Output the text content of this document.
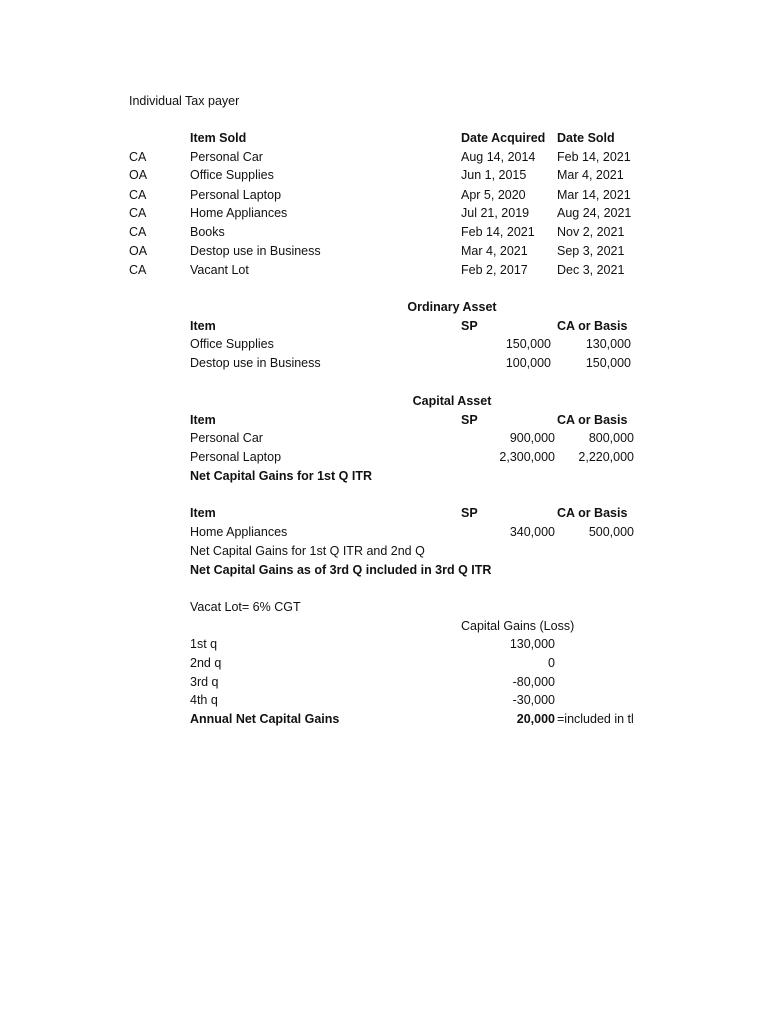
Individual Tax payer
Item Sold	Date Acquired Date Sold
CA	Personal Car	Aug 14, 2014 Feb 14, 2021
OA	Office Supplies	Jun 1, 2015 Mar 4, 2021
CA	Personal Laptop	Apr 5, 2020	Mar 14, 2021
CA	Home Appliances	Jul 21, 2019 Aug 24, 2021
CA	Books	Feb 14, 2021 Nov 2, 2021
OA	Destop use in Business	Mar 4, 2021 Sep 3, 2021
CA	Vacant Lot	Feb 2, 2017 Dec 3, 2021
Ordinary Asset
Item	SP	CA or Basis
Office Supplies	150,000	130,000
Destop use in Business	100,000	150,000
Capital Asset
Item	SP	CA or Basis
Personal Car	900,000	800,000
Personal Laptop	2,300,000	2,220,000
Net Capital Gains for 1st Q ITR
Item	SP	CA or Basis
Home Appliances	340,000	500,000
Net Capital Gains for 1st Q ITR and 2nd Q
Net Capital Gains as of 3rd Q included in 3rd Q ITR
Vacat Lot= 6% CGT
Capital Gains (Loss)
1st q	130,000
2nd q	0
3rd q	-80,000
4th q	-30,000
Annual Net Capital Gains	20,000 =included in tl
